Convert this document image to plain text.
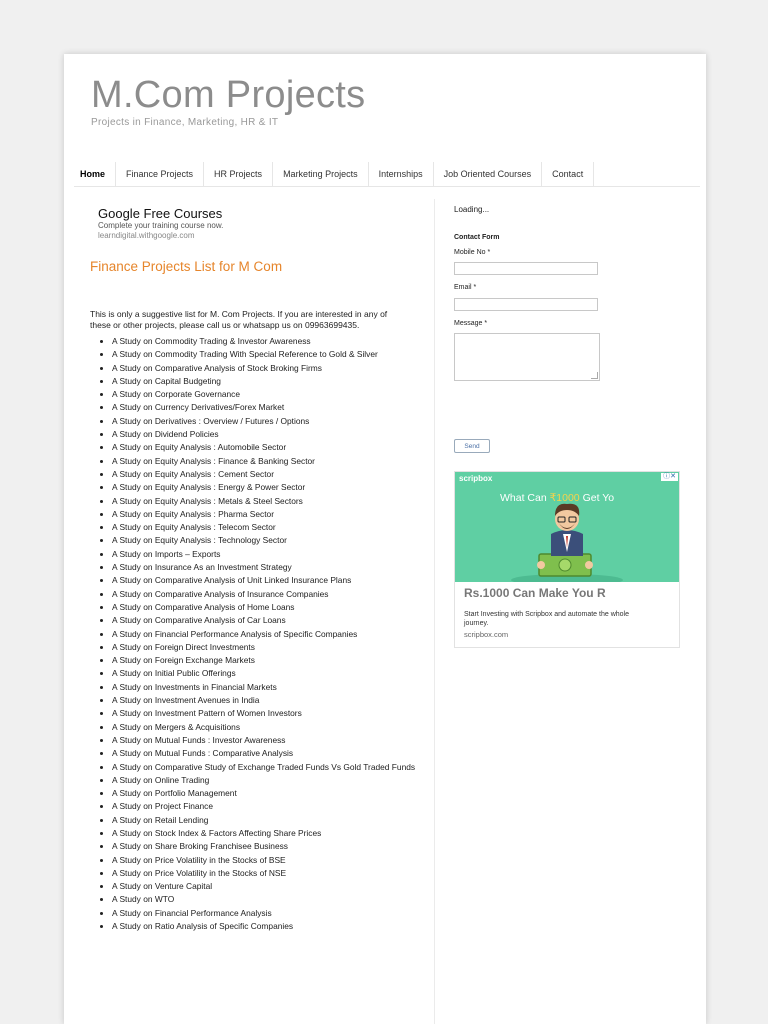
M.Com Projects

Projects in Finance, Marketing, HR & IT

Home	Finance Projects	HR Projects	Marketing Projects	Internships	Job Oriented Courses	Contact
Google Free Courses
Complete your training course now.
learndigital.withgoogle.com
Finance Projects List for M Com

This is only a suggestive list for M. Com Projects. If you are interested in any of these or other projects, please call us or whatsapp us on 09963699435.

• A Study on Commodity Trading & Investor Awareness
• A Study on Commodity Trading With Special Reference to Gold & Silver
• A Study on Comparative Analysis of Stock Broking Firms
• A Study on Capital Budgeting
• A Study on Corporate Governance
• A Study on Currency Derivatives/Forex Market
• A Study on Derivatives : Overview / Futures / Options
• A Study on Dividend Policies
• A Study on Equity Analysis : Automobile Sector
• A Study on Equity Analysis : Finance & Banking Sector
• A Study on Equity Analysis : Cement Sector
• A Study on Equity Analysis : Energy & Power Sector
• A Study on Equity Analysis : Metals & Steel Sectors
• A Study on Equity Analysis : Pharma Sector
• A Study on Equity Analysis : Telecom Sector
• A Study on Equity Analysis : Technology Sector
• A Study on Imports – Exports
• A Study on Insurance As an Investment Strategy
• A Study on Comparative Analysis of Unit Linked Insurance Plans
• A Study on Comparative Analysis of Insurance Companies
• A Study on Comparative Analysis of Home Loans
• A Study on Comparative Analysis of Car Loans
• A Study on Financial Performance Analysis of Specific Companies
• A Study on Foreign Direct Investments
• A Study on Foreign Exchange Markets
• A Study on Initial Public Offerings
• A Study on Investments in Financial Markets
• A Study on Investment Avenues in India
• A Study on Investment Pattern of Women Investors
• A Study on Mergers & Acquisitions
• A Study on Mutual Funds : Investor Awareness
• A Study on Mutual Funds : Comparative Analysis
• A Study on Comparative Study of Exchange Traded Funds Vs Gold Traded Funds
• A Study on Online Trading
• A Study on Portfolio Management
• A Study on Project Finance
• A Study on Retail Lending
• A Study on Stock Index & Factors Affecting Share Prices
• A Study on Share Broking Franchisee Business
• A Study on Price Volatility in the Stocks of BSE
• A Study on Price Volatility in the Stocks of NSE
• A Study on Venture Capital
• A Study on WTO
• A Study on Financial Performance Analysis
• A Study on Ratio Analysis of Specific Companies
Loading...
Contact Form
Mobile No *
Email *
Message *
Send
scripbox	ⓘ✕
What Can ₹1000 Get Yo
Rs.1000 Can Make You R
Start Investing with Scripbox and automate the whole journey.
scripbox.com
